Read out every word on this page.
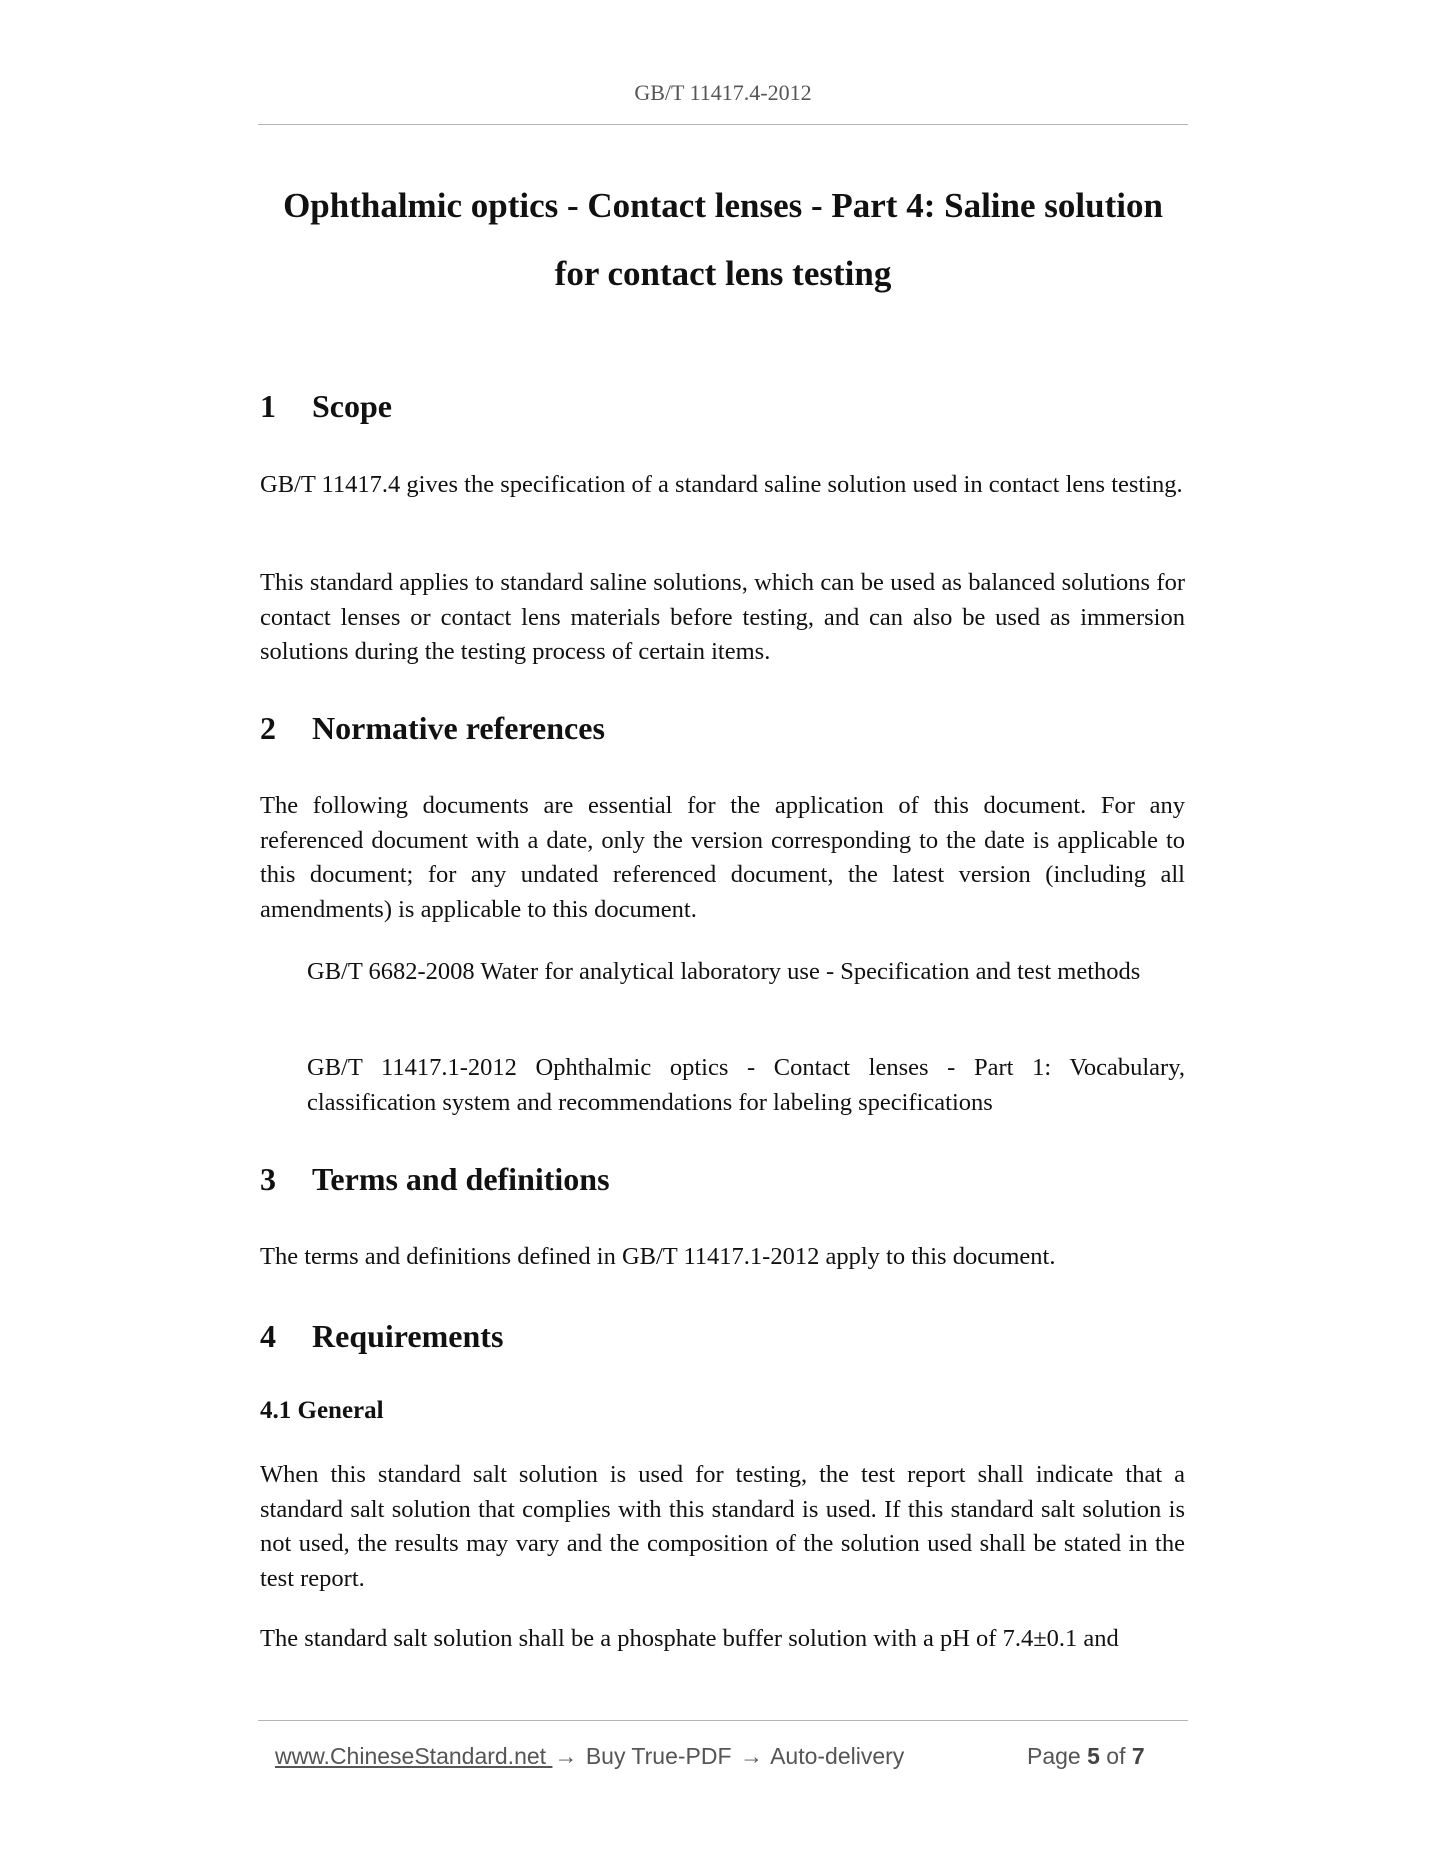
GB/T 11417.4-2012
Ophthalmic optics - Contact lenses - Part 4: Saline solution
for contact lens testing
1 Scope

GB/T 11417.4 gives the specification of a standard saline solution used in contact lens testing.

This standard applies to standard saline solutions, which can be used as balanced solutions for contact lenses or contact lens materials before testing, and can also be used as immersion solutions during the testing process of certain items.

2 Normative references

The following documents are essential for the application of this document. For any referenced document with a date, only the version corresponding to the date is applicable to this document; for any undated referenced document, the latest version (including all amendments) is applicable to this document.

GB/T 6682-2008 Water for analytical laboratory use - Specification and test methods

GB/T 11417.1-2012 Ophthalmic optics - Contact lenses - Part 1: Vocabulary, classification system and recommendations for labeling specifications

3 Terms and definitions

The terms and definitions defined in GB/T 11417.1-2012 apply to this document.

4 Requirements
4.1 General

When this standard salt solution is used for testing, the test report shall indicate that a standard salt solution that complies with this standard is used. If this standard salt solution is not used, the results may vary and the composition of the solution used shall be stated in the test report.

The standard salt solution shall be a phosphate buffer solution with a pH of 7.4±0.1 and

www.ChineseStandard.net → Buy True-PDF → Auto-delivery	Page 5 of 7
